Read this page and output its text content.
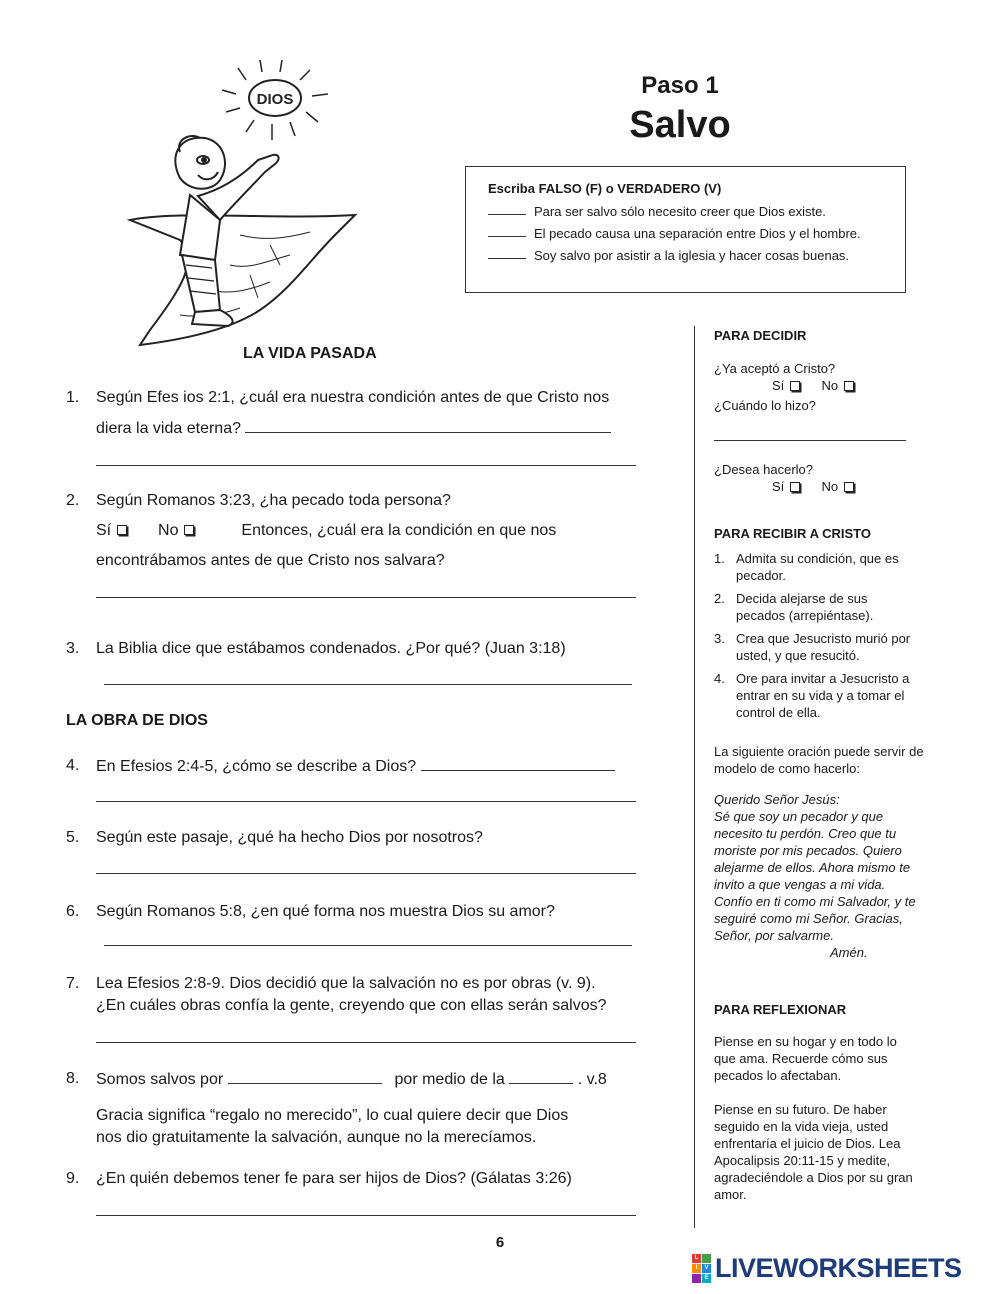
Paso 1
Salvo
DIOS
Escriba FALSO (F) o VERDADERO (V)
Para ser salvo sólo necesito creer que Dios existe.
El pecado causa una separación entre Dios y el hombre.
Soy salvo por asistir a la iglesia y hacer cosas buenas.
LA VIDA PASADA
1.	Según Efes ios 2:1, ¿cuál era nuestra condición antes de que Cristo nos
diera la vida eterna?
2.	Según Romanos 3:23, ¿ha pecado toda persona?
Sí	No	Entonces, ¿cuál era la condición en que nos
encontrábamos antes de que Cristo nos salvara?
3.	La Biblia dice que estábamos condenados. ¿Por qué? (Juan 3:18)
LA OBRA DE DIOS
4.	En Efesios 2:4-5, ¿cómo se describe a Dios?
5.	Según este pasaje, ¿qué ha hecho Dios por nosotros?
6.	Según Romanos 5:8, ¿en qué forma nos muestra Dios su amor?
7.	Lea Efesios 2:8-9. Dios decidió que la salvación no es por obras (v. 9).
¿En cuáles obras confía la gente, creyendo que con ellas serán salvos?
8.	Somos salvos por	por medio de la	. v.8
Gracia significa “regalo no merecido”, lo cual quiere decir que Dios
nos dio gratuitamente la salvación, aunque no la merecíamos.
9.	¿En quién debemos tener fe para ser hijos de Dios? (Gálatas 3:26)
PARA DECIDIR
¿Ya aceptó a Cristo?
Sí	No
¿Cuándo lo hizo?
¿Desea hacerlo?
Sí	No
PARA RECIBIR A CRISTO
1. Admita su condición, que es pecador.
2. Decida alejarse de sus pecados (arrepiéntase).
3. Crea que Jesucristo murió por usted, y que resucitó.
4. Ore para invitar a Jesucristo a entrar en su vida y a tomar el control de ella.
La siguiente oración puede servir de modelo de como hacerlo:
Querido Señor Jesús:
Sé que soy un pecador y que necesito tu perdón. Creo que tu moriste por mis pecados. Quiero alejarme de ellos. Ahora mismo te invito a que vengas a mi vida. Confío en ti como mi Salvador, y te seguiré como mi Señor. Gracias, Señor, por salvarme.
Amén.
PARA REFLEXIONAR
Piense en su hogar y en todo lo que ama. Recuerde cómo sus pecados lo afectaban.
Piense en su futuro. De haber seguido en la vida vieja, usted enfrentaría el juicio de Dios. Lea Apocalipsis 20:11-15 y medite, agradeciéndole a Dios por su gran amor.
6
L
I	V
E LIVEWORKSHEETS
